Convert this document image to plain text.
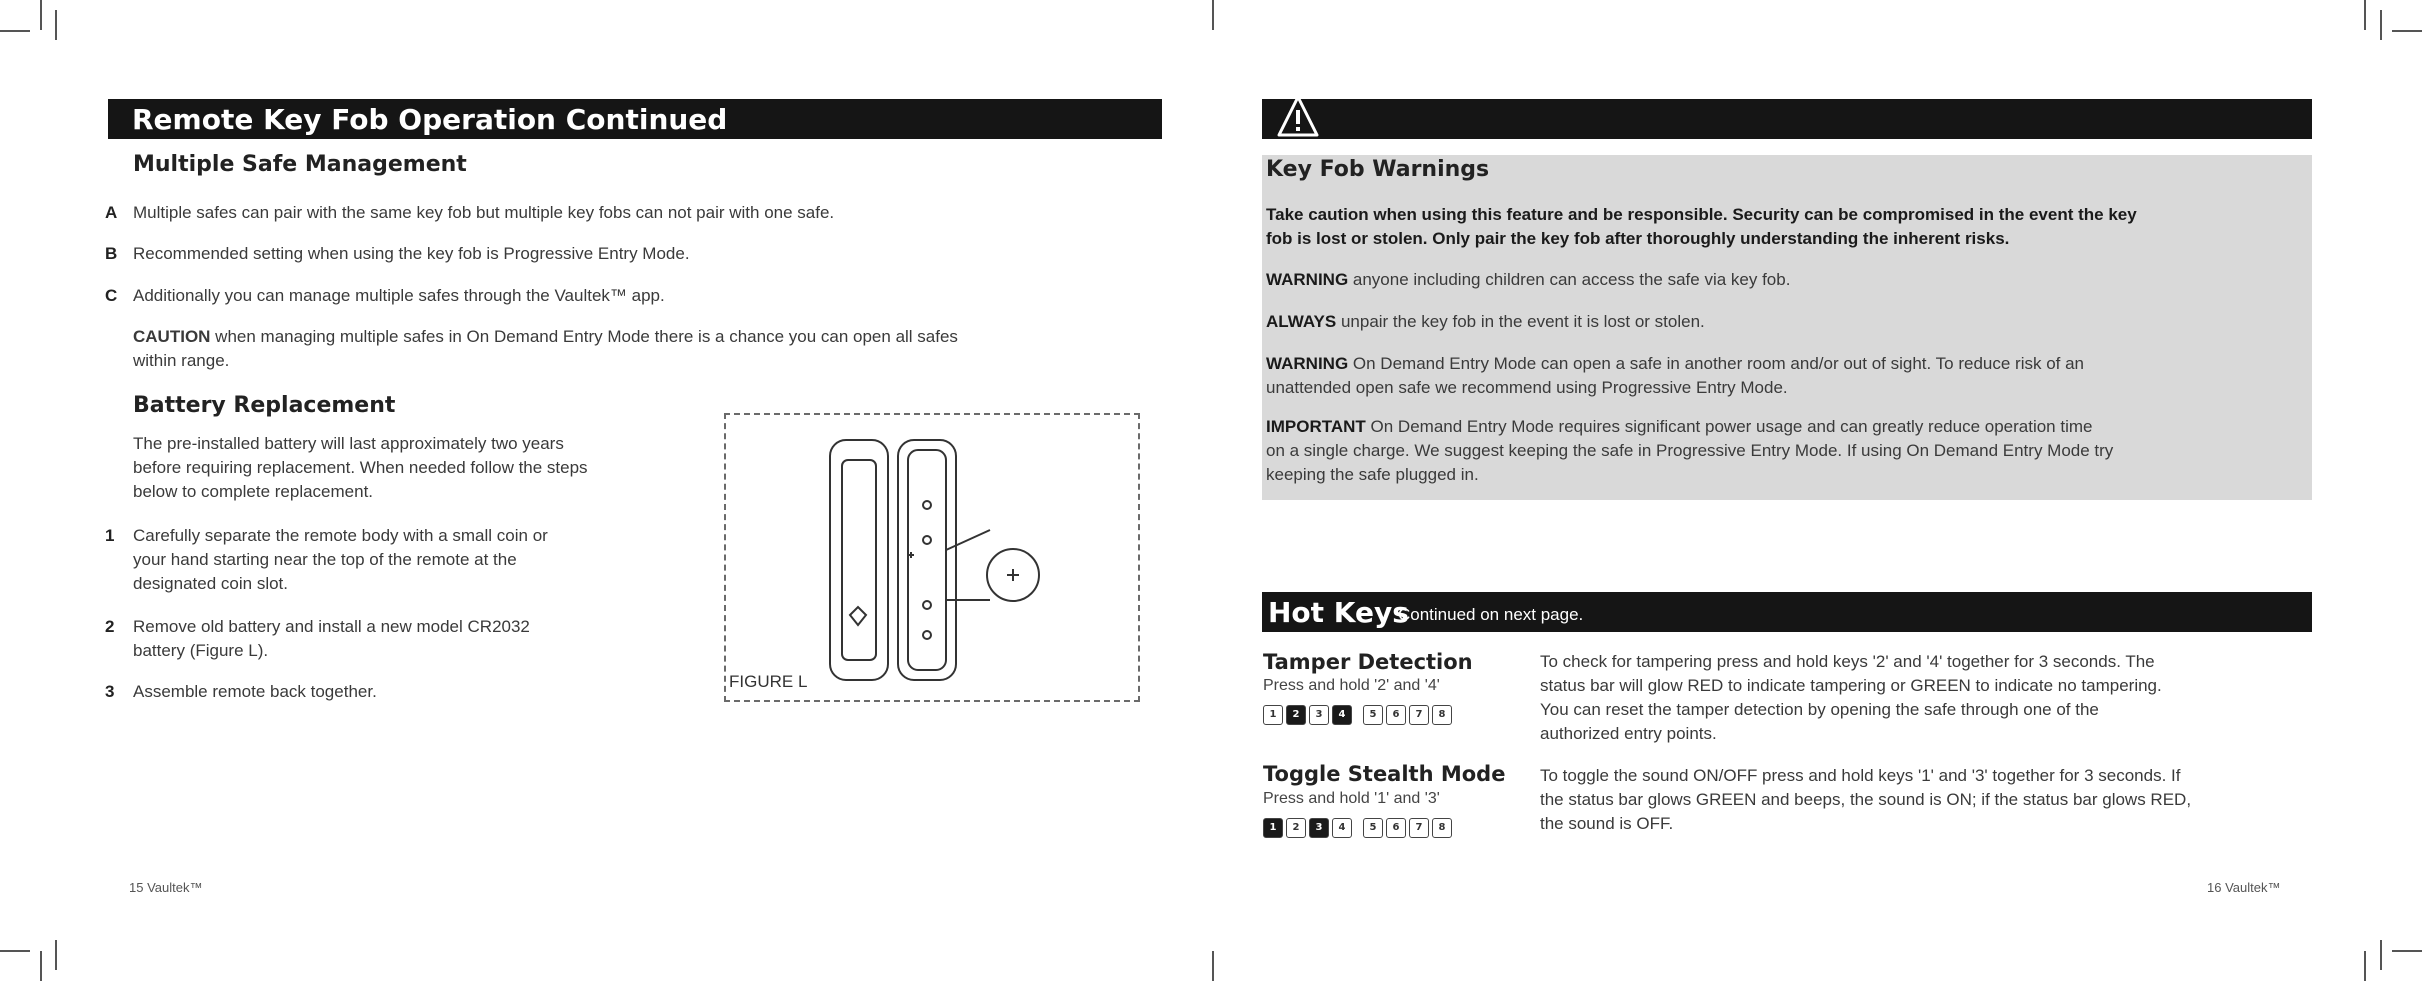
Remote Key Fob Operation Continued
Multiple Safe Management
A Multiple safes can pair with the same key fob but multiple key fobs can not pair with one safe.
B Recommended setting when using the key fob is Progressive Entry Mode.
C Additionally you can manage multiple safes through the Vaultek™ app.
CAUTION when managing multiple safes in On Demand Entry Mode there is a chance you can open all safes
within range.
Battery Replacement
The pre-installed battery will last approximately two years
before requiring replacement. When needed follow the steps
below to complete replacement.
1 Carefully separate the remote body with a small coin or
your hand starting near the top of the remote at the
designated coin slot.
2 Remove old battery and install a new model CR2032
battery (Figure L).
3 Assemble remote back together.
FIGURE L
15 Vaultek™
Key Fob Warnings

Take caution when using this feature and be responsible. Security can be compromised in the event the key
fob is lost or stolen. Only pair the key fob after thoroughly understanding the inherent risks.

WARNING anyone including children can access the safe via key fob.

ALWAYS unpair the key fob in the event it is lost or stolen.

WARNING On Demand Entry Mode can open a safe in another room and/or out of sight. To reduce risk of an
unattended open safe we recommend using Progressive Entry Mode.

IMPORTANT On Demand Entry Mode requires significant power usage and can greatly reduce operation time
on a single charge. We suggest keeping the safe in Progressive Entry Mode. If using On Demand Entry Mode try
keeping the safe plugged in.

Hot Keys
Continued on next page.
Tamper Detection
Press and hold '2' and '4'
1	2	3	4	5	6	7	8
To check for tampering press and hold keys '2' and '4' together for 3 seconds. The
status bar will glow RED to indicate tampering or GREEN to indicate no tampering.
You can reset the tamper detection by opening the safe through one of the
authorized entry points.
Toggle Stealth Mode
Press and hold '1' and '3'
1	2	3	4	5	6	7	8
To toggle the sound ON/OFF press and hold keys '1' and '3' together for 3 seconds. If
the status bar glows GREEN and beeps, the sound is ON; if the status bar glows RED,
the sound is OFF.
16 Vaultek™
